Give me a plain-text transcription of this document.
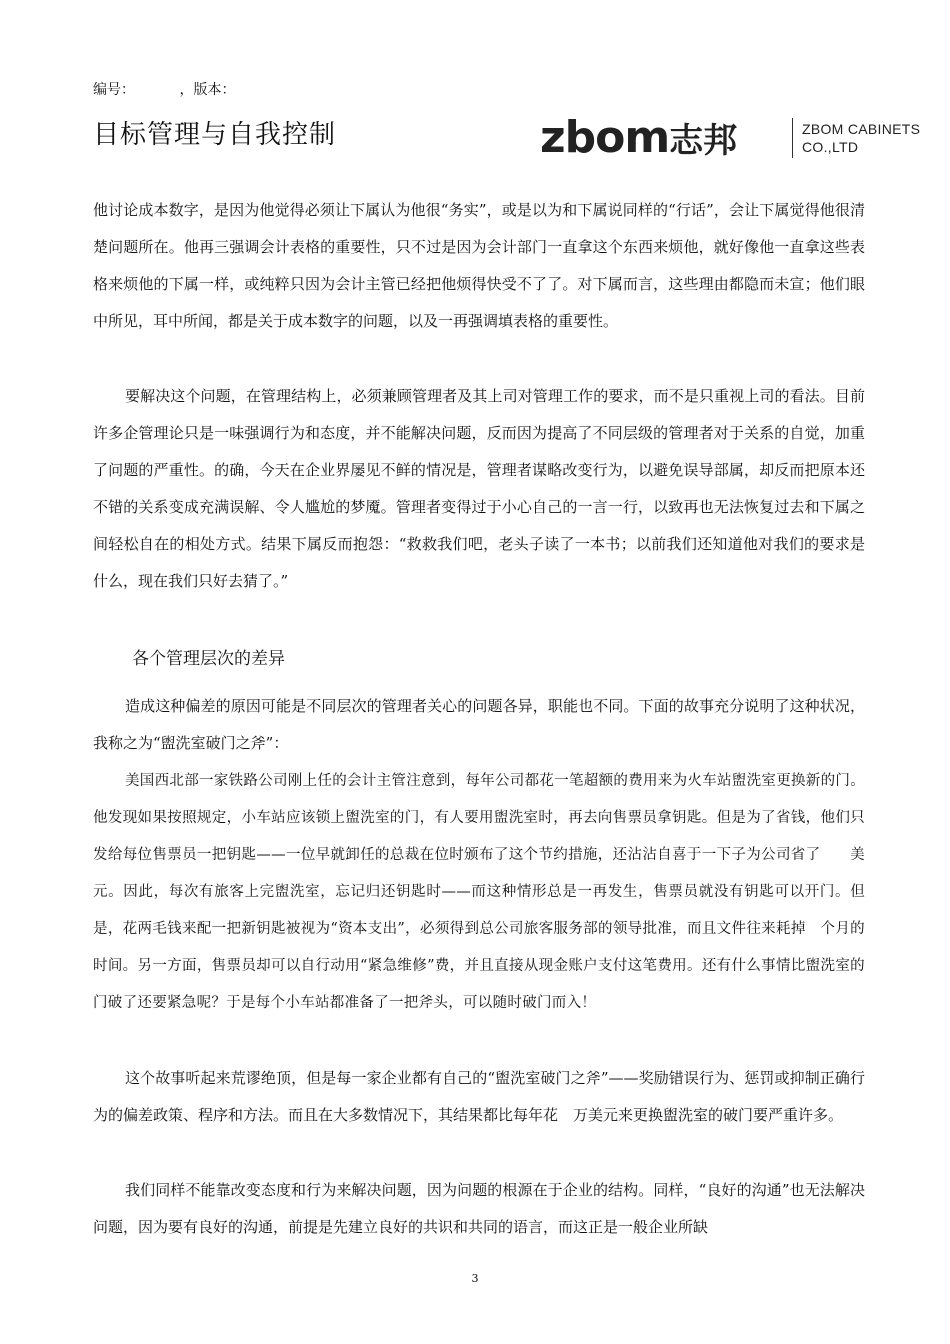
编号：          ，版本：
目标管理与自我控制	zbom志邦	ZBOM CABINETS
CO.,LTD
他讨论成本数字，是因为他觉得必须让下属认为他很“务实”，或是以为和下属说同样的“行话”，会让下属觉得他很清楚问题所在。他再三强调会计表格的重要性，只不过是因为会计部门一直拿这个东西来烦他，就好像他一直拿这些表格来烦他的下属一样，或纯粹只因为会计主管已经把他烦得快受不了了。对下属而言，这些理由都隐而未宣；他们眼中所见，耳中所闻，都是关于成本数字的问题，以及一再强调填表格的重要性。
要解决这个问题，在管理结构上，必须兼顾管理者及其上司对管理工作的要求，而不是只重视上司的看法。目前许多企管理论只是一味强调行为和态度，并不能解决问题，反而因为提高了不同层级的管理者对于关系的自觉，加重了问题的严重性。的确，今天在企业界屡见不鲜的情况是，管理者谋略改变行为，以避免误导部属，却反而把原本还不错的关系变成充满误解、令人尴尬的梦魇。管理者变得过于小心自己的一言一行，以致再也无法恢复过去和下属之间轻松自在的相处方式。结果下属反而抱怨：“救救我们吧，老头子读了一本书；以前我们还知道他对我们的要求是什么，现在我们只好去猜了。”
各个管理层次的差异
造成这种偏差的原因可能是不同层次的管理者关心的问题各异，职能也不同。下面的故事充分说明了这种状况，我称之为“盥洗室破门之斧”：
美国西北部一家铁路公司刚上任的会计主管注意到，每年公司都花一笔超额的费用来为火车站盥洗室更换新的门。他发现如果按照规定，小车站应该锁上盥洗室的门，有人要用盥洗室时，再去向售票员拿钥匙。但是为了省钱，他们只发给每位售票员一把钥匙——一位早就卸任的总裁在位时颁布了这个节约措施，还沾沾自喜于一下子为公司省了　　美元。因此，每次有旅客上完盥洗室，忘记归还钥匙时——而这种情形总是一再发生，售票员就没有钥匙可以开门。但是，花两毛钱来配一把新钥匙被视为“资本支出”，必须得到总公司旅客服务部的领导批准，而且文件往来耗掉　个月的时间。另一方面，售票员却可以自行动用“紧急维修”费，并且直接从现金账户支付这笔费用。还有什么事情比盥洗室的门破了还要紧急呢？于是每个小车站都准备了一把斧头，可以随时破门而入！
这个故事听起来荒谬绝顶，但是每一家企业都有自己的“盥洗室破门之斧”——奖励错误行为、惩罚或抑制正确行为的偏差政策、程序和方法。而且在大多数情况下，其结果都比每年花　万美元来更换盥洗室的破门要严重许多。
我们同样不能靠改变态度和行为来解决问题，因为问题的根源在于企业的结构。同样，“良好的沟通”也无法解决问题，因为要有良好的沟通，前提是先建立良好的共识和共同的语言，而这正是一般企业所缺
3
